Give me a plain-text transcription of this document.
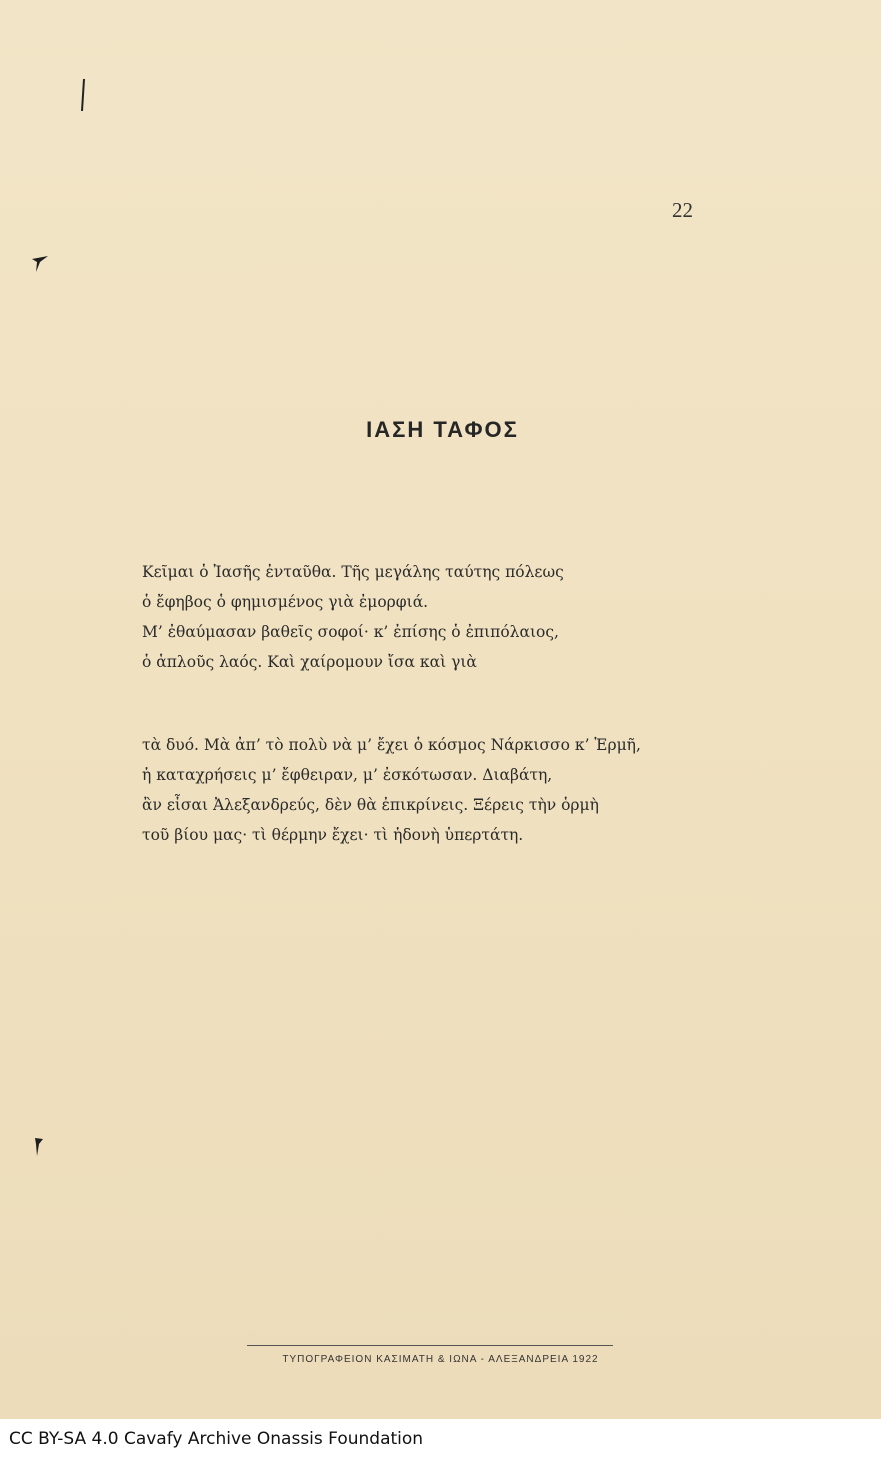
22
ΙΑΣΗ ΤΑΦΟΣ
Κεῖμαι ὁ Ἰασῆς ἐνταῦθα. Τῆς μεγάλης ταύτης πόλεως
ὁ ἔφηβος ὁ φημισμένος γιὰ ἐμορφιά.
Μ’ ἐθαύμασαν βαθεῖς σοφοί· κ’ ἐπίσης ὁ ἐπιπόλαιος,
ὁ ἁπλοῦς λαός. Καὶ χαίρομουν ἴσα καὶ γιὰ
τὰ δυό. Μὰ ἀπ’ τὸ πολὺ νὰ μ’ ἔχει ὁ κόσμος Νάρκισσο κ’ Ἑρμῆ,
ἡ καταχρήσεις μ’ ἔφθειραν, μ’ ἐσκότωσαν. Διαβάτη,
ἂν εἶσαι Ἀλεξανδρεύς, δὲν θὰ ἐπικρίνεις. Ξέρεις τὴν ὁρμὴ
τοῦ βίου μας· τὶ θέρμην ἔχει· τὶ ἡδονὴ ὑπερτάτη.
ΤΥΠΟΓΡΑΦΕΙΟΝ ΚΑΣΙΜΑΤΗ & ΙΩΝΑ - ΑΛΕΞΑΝΔΡΕΙΑ 1922
CC BY-SA 4.0 Cavafy Archive Onassis Foundation
